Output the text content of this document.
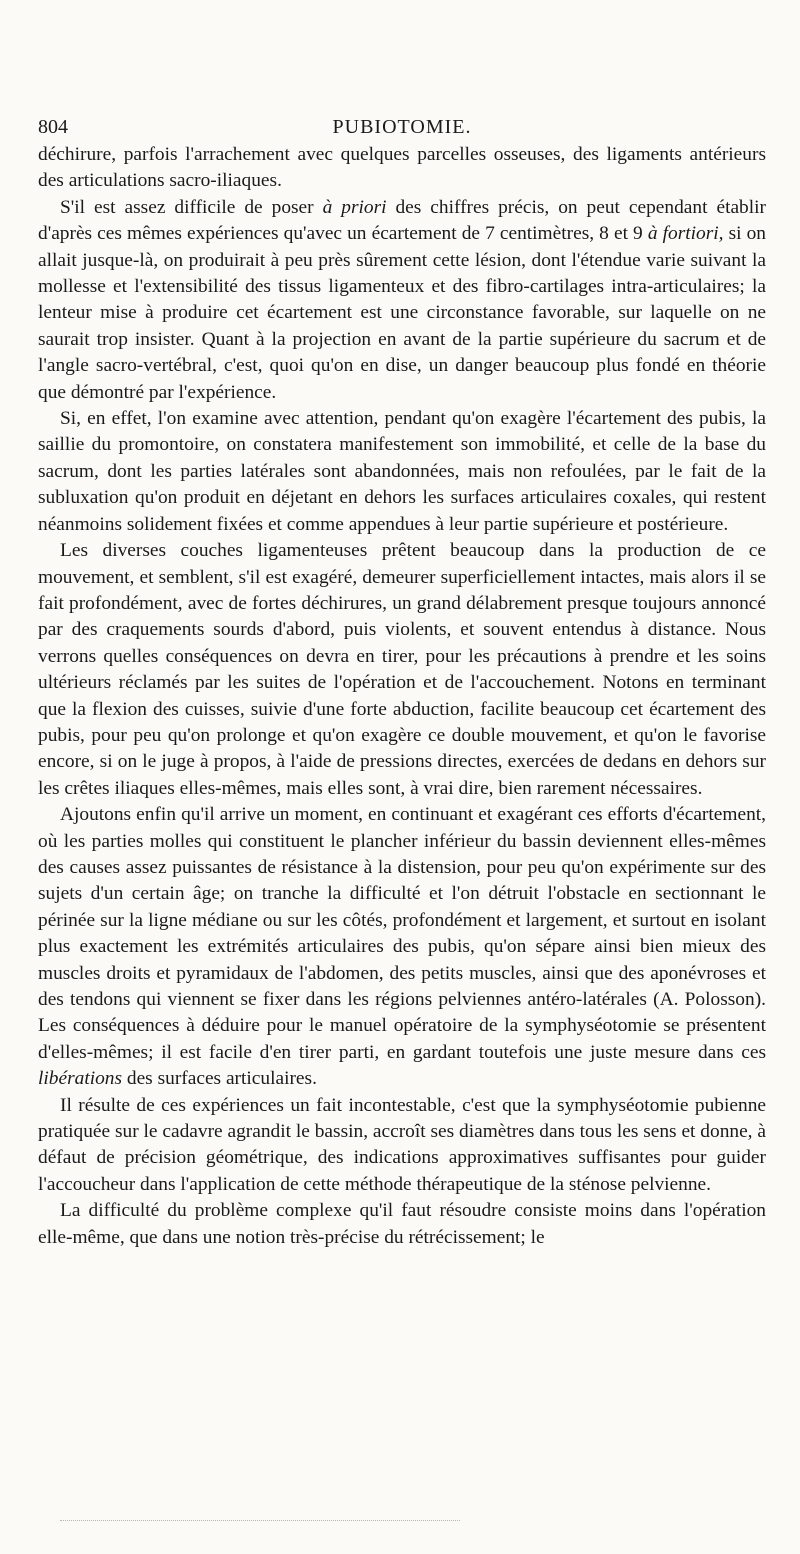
804	PUBIOTOMIE.

déchirure, parfois l'arrachement avec quelques parcelles osseuses, des ligaments antérieurs des articulations sacro-iliaques.

S'il est assez difficile de poser à priori des chiffres précis, on peut cependant établir d'après ces mêmes expériences qu'avec un écartement de 7 centimètres, 8 et 9 à fortiori, si on allait jusque-là, on produirait à peu près sûrement cette lésion, dont l'étendue varie suivant la mollesse et l'extensibilité des tissus ligamenteux et des fibro-cartilages intra-articulaires; la lenteur mise à produire cet écartement est une circonstance favorable, sur laquelle on ne saurait trop insister. Quant à la projection en avant de la partie supérieure du sacrum et de l'angle sacro-vertébral, c'est, quoi qu'on en dise, un danger beaucoup plus fondé en théorie que démontré par l'expérience.

Si, en effet, l'on examine avec attention, pendant qu'on exagère l'écartement des pubis, la saillie du promontoire, on constatera manifestement son immobilité, et celle de la base du sacrum, dont les parties latérales sont abandonnées, mais non refoulées, par le fait de la subluxation qu'on produit en déjetant en dehors les surfaces articulaires coxales, qui restent néanmoins solidement fixées et comme appendues à leur partie supérieure et postérieure.

Les diverses couches ligamenteuses prêtent beaucoup dans la production de ce mouvement, et semblent, s'il est exagéré, demeurer superficiellement intactes, mais alors il se fait profondément, avec de fortes déchirures, un grand délabrement presque toujours annoncé par des craquements sourds d'abord, puis violents, et souvent entendus à distance. Nous verrons quelles conséquences on devra en tirer, pour les précautions à prendre et les soins ultérieurs réclamés par les suites de l'opération et de l'accouchement. Notons en terminant que la flexion des cuisses, suivie d'une forte abduction, facilite beaucoup cet écartement des pubis, pour peu qu'on prolonge et qu'on exagère ce double mouvement, et qu'on le favorise encore, si on le juge à propos, à l'aide de pressions directes, exercées de dedans en dehors sur les crêtes iliaques elles-mêmes, mais elles sont, à vrai dire, bien rarement nécessaires.

Ajoutons enfin qu'il arrive un moment, en continuant et exagérant ces efforts d'écartement, où les parties molles qui constituent le plancher inférieur du bassin deviennent elles-mêmes des causes assez puissantes de résistance à la distension, pour peu qu'on expérimente sur des sujets d'un certain âge; on tranche la difficulté et l'on détruit l'obstacle en sectionnant le périnée sur la ligne médiane ou sur les côtés, profondément et largement, et surtout en isolant plus exactement les extrémités articulaires des pubis, qu'on sépare ainsi bien mieux des muscles droits et pyramidaux de l'abdomen, des petits muscles, ainsi que des aponévroses et des tendons qui viennent se fixer dans les régions pelviennes antéro-latérales (A. Polosson). Les conséquences à déduire pour le manuel opératoire de la symphyséotomie se présentent d'elles-mêmes; il est facile d'en tirer parti, en gardant toutefois une juste mesure dans ces libérations des surfaces articulaires.

Il résulte de ces expériences un fait incontestable, c'est que la symphyséotomie pubienne pratiquée sur le cadavre agrandit le bassin, accroît ses diamètres dans tous les sens et donne, à défaut de précision géométrique, des indications approximatives suffisantes pour guider l'accoucheur dans l'application de cette méthode thérapeutique de la sténose pelvienne.

La difficulté du problème complexe qu'il faut résoudre consiste moins dans l'opération elle-même, que dans une notion très-précise du rétrécissement; le
